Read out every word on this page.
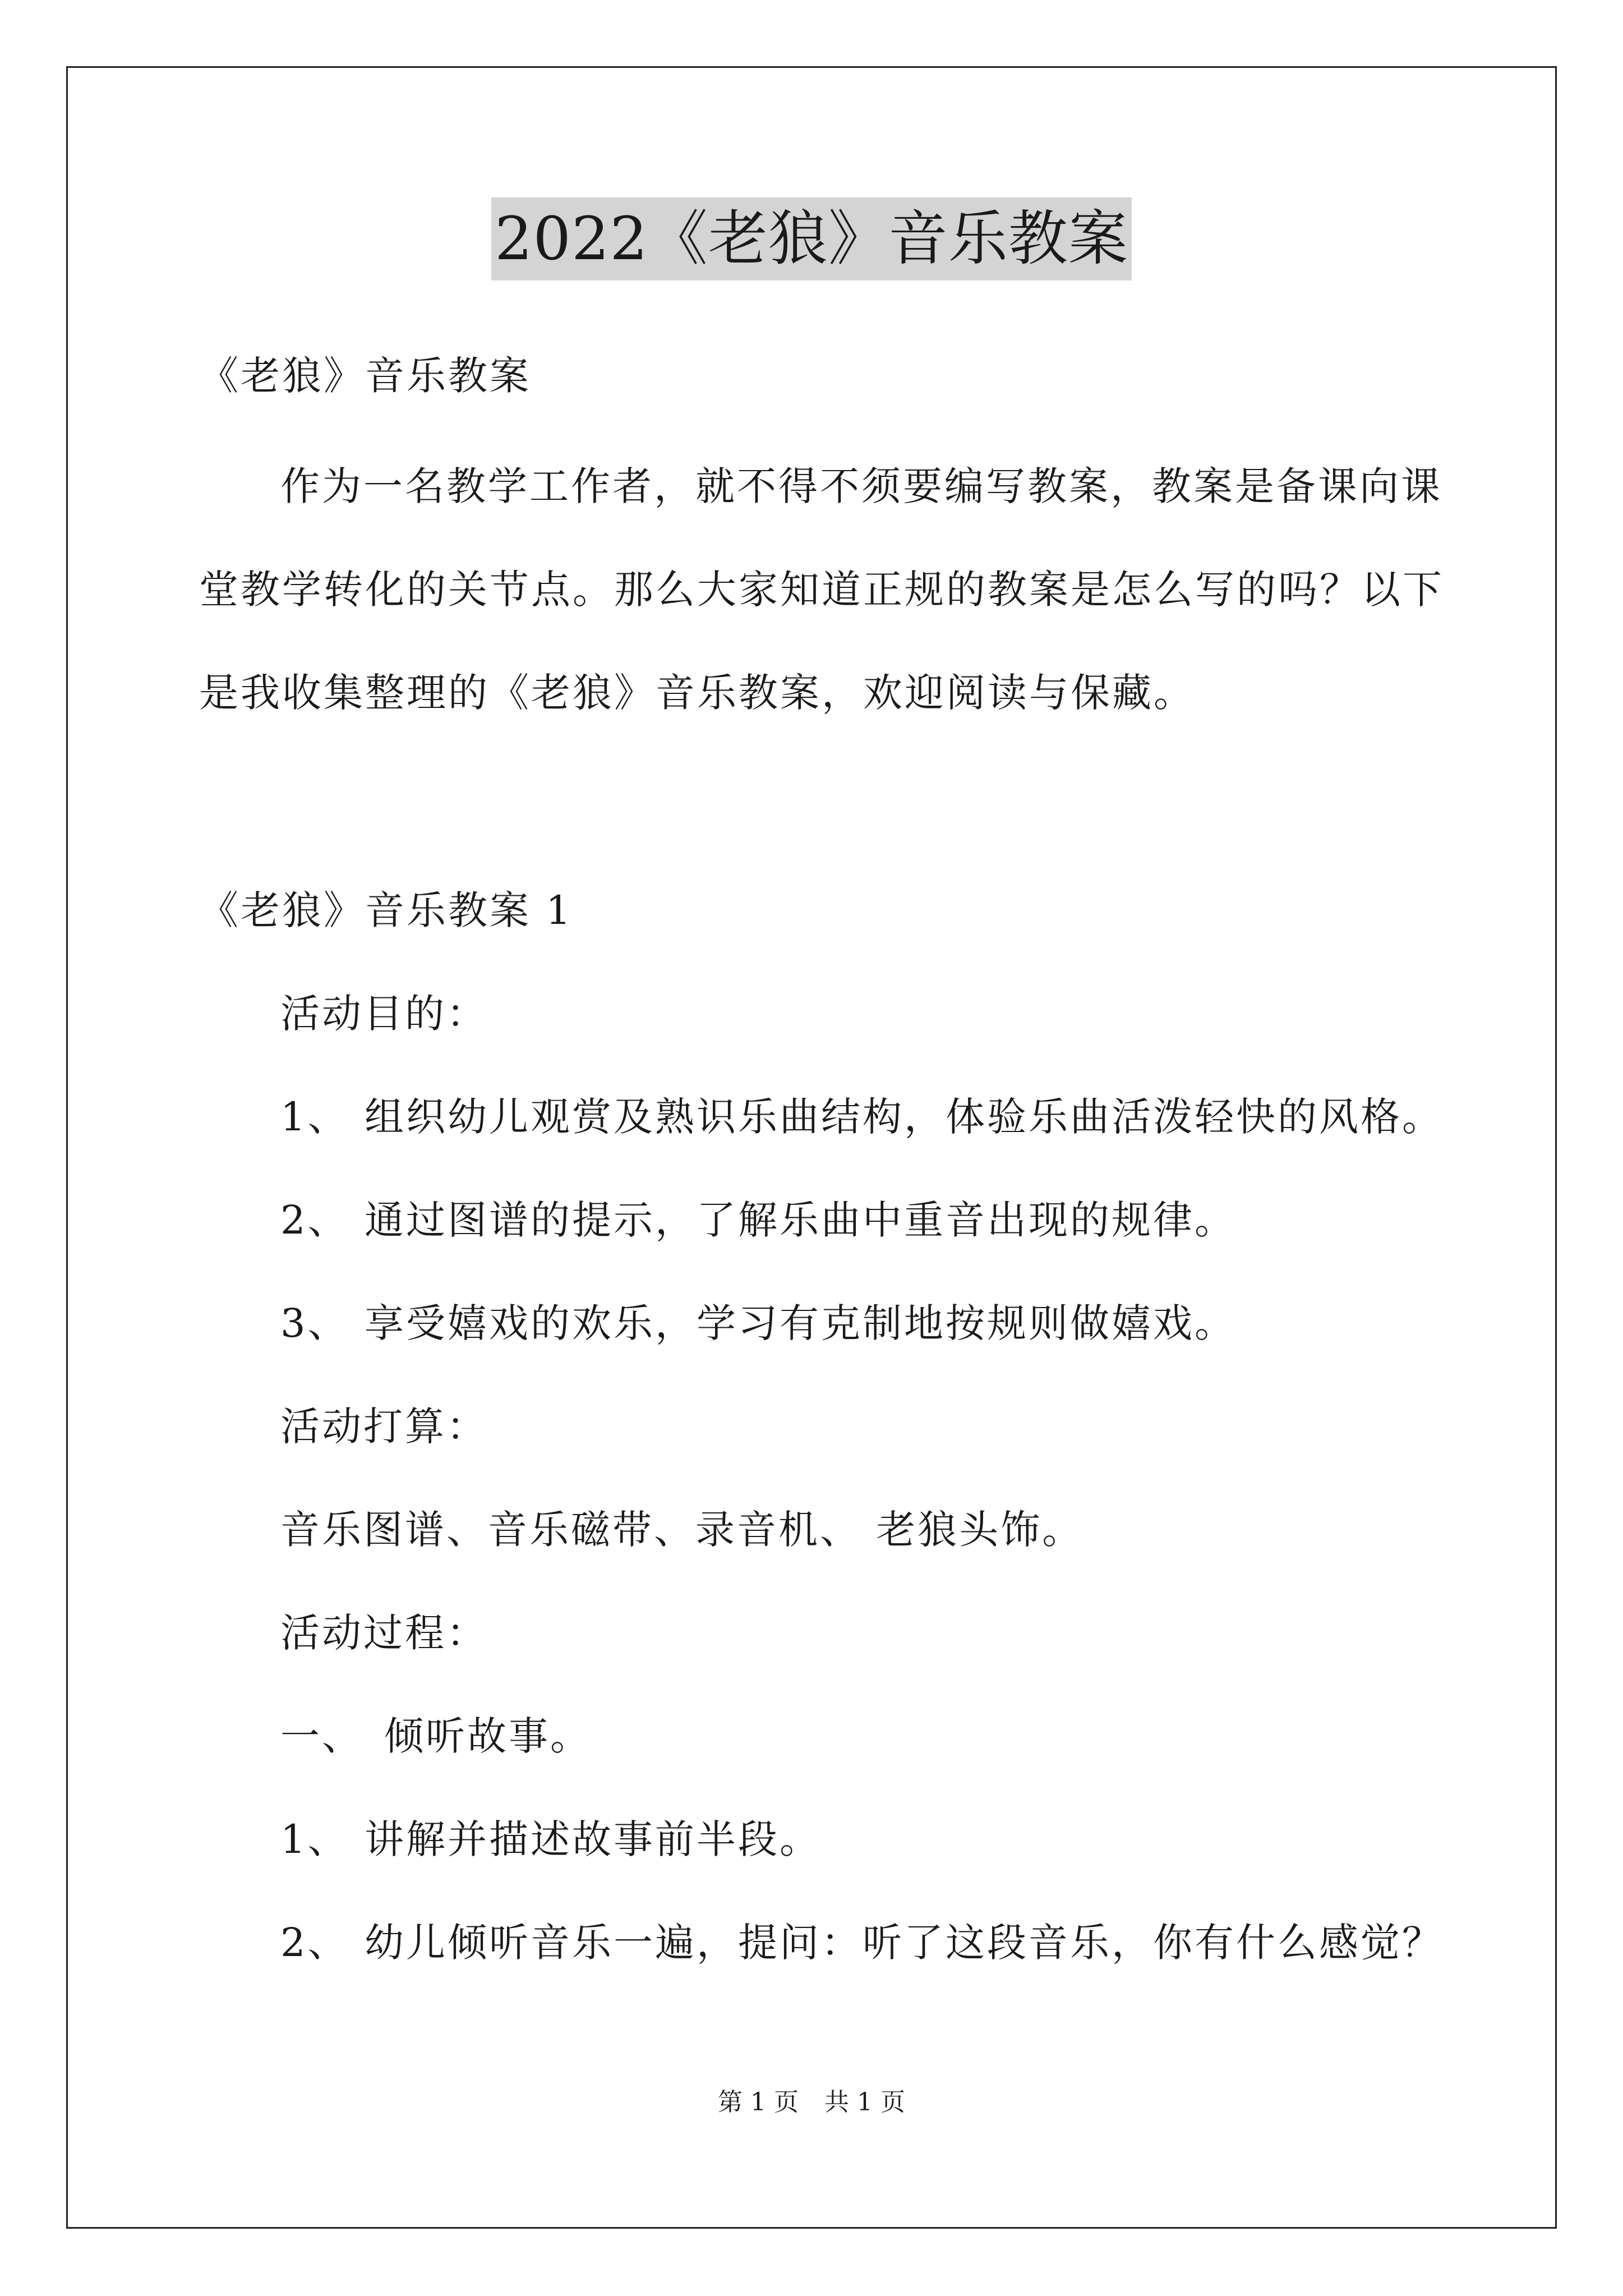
2022《老狼》音乐教案
《老狼》音乐教案
作为一名教学工作者，就不得不须要编写教案，教案是备课向课
堂教学转化的关节点。那么大家知道正规的教案是怎么写的吗？以下
是我收集整理的《老狼》音乐教案，欢迎阅读与保藏。
《老狼》音乐教案 1
活动目的：
1、 组织幼儿观赏及熟识乐曲结构，体验乐曲活泼轻快的风格。
2、 通过图谱的提示，了解乐曲中重音出现的规律。
3、 享受嬉戏的欢乐，学习有克制地按规则做嬉戏。
活动打算：
音乐图谱、音乐磁带、录音机、 老狼头饰。
活动过程：
一、 倾听故事。
1、 讲解并描述故事前半段。
2、 幼儿倾听音乐一遍，提问：听了这段音乐，你有什么感觉？
第 1 页 共 1 页
